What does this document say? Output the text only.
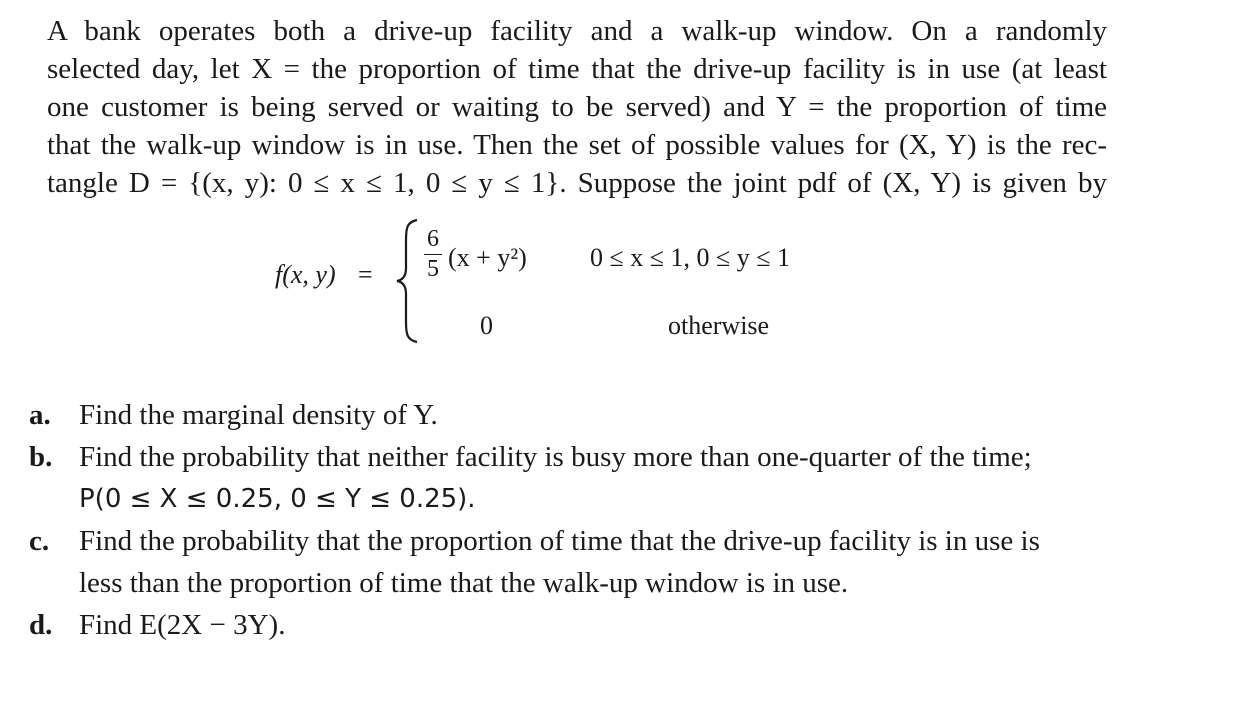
A bank operates both a drive-up facility and a walk-up window. On a randomly
selected day, let X = the proportion of time that the drive-up facility is in use (at least
one customer is being served or waiting to be served) and Y = the proportion of time
that the walk-up window is in use. Then the set of possible values for (X, Y) is the rec-
tangle D = {(x, y): 0 ≤ x ≤ 1, 0 ≤ y ≤ 1}. Suppose the joint pdf of (X, Y) is given by
f(x, y) =
6
5 (x + y²) 0 ≤ x ≤ 1, 0 ≤ y ≤ 1
0	otherwise
a. Find the marginal density of Y.
b. Find the probability that neither facility is busy more than one-quarter of the time;
P(0 ≤ X ≤ 0.25, 0 ≤ Y ≤ 0.25).
c. Find the probability that the proportion of time that the drive-up facility is in use is
less than the proportion of time that the walk-up window is in use.
d. Find E(2X − 3Y).
